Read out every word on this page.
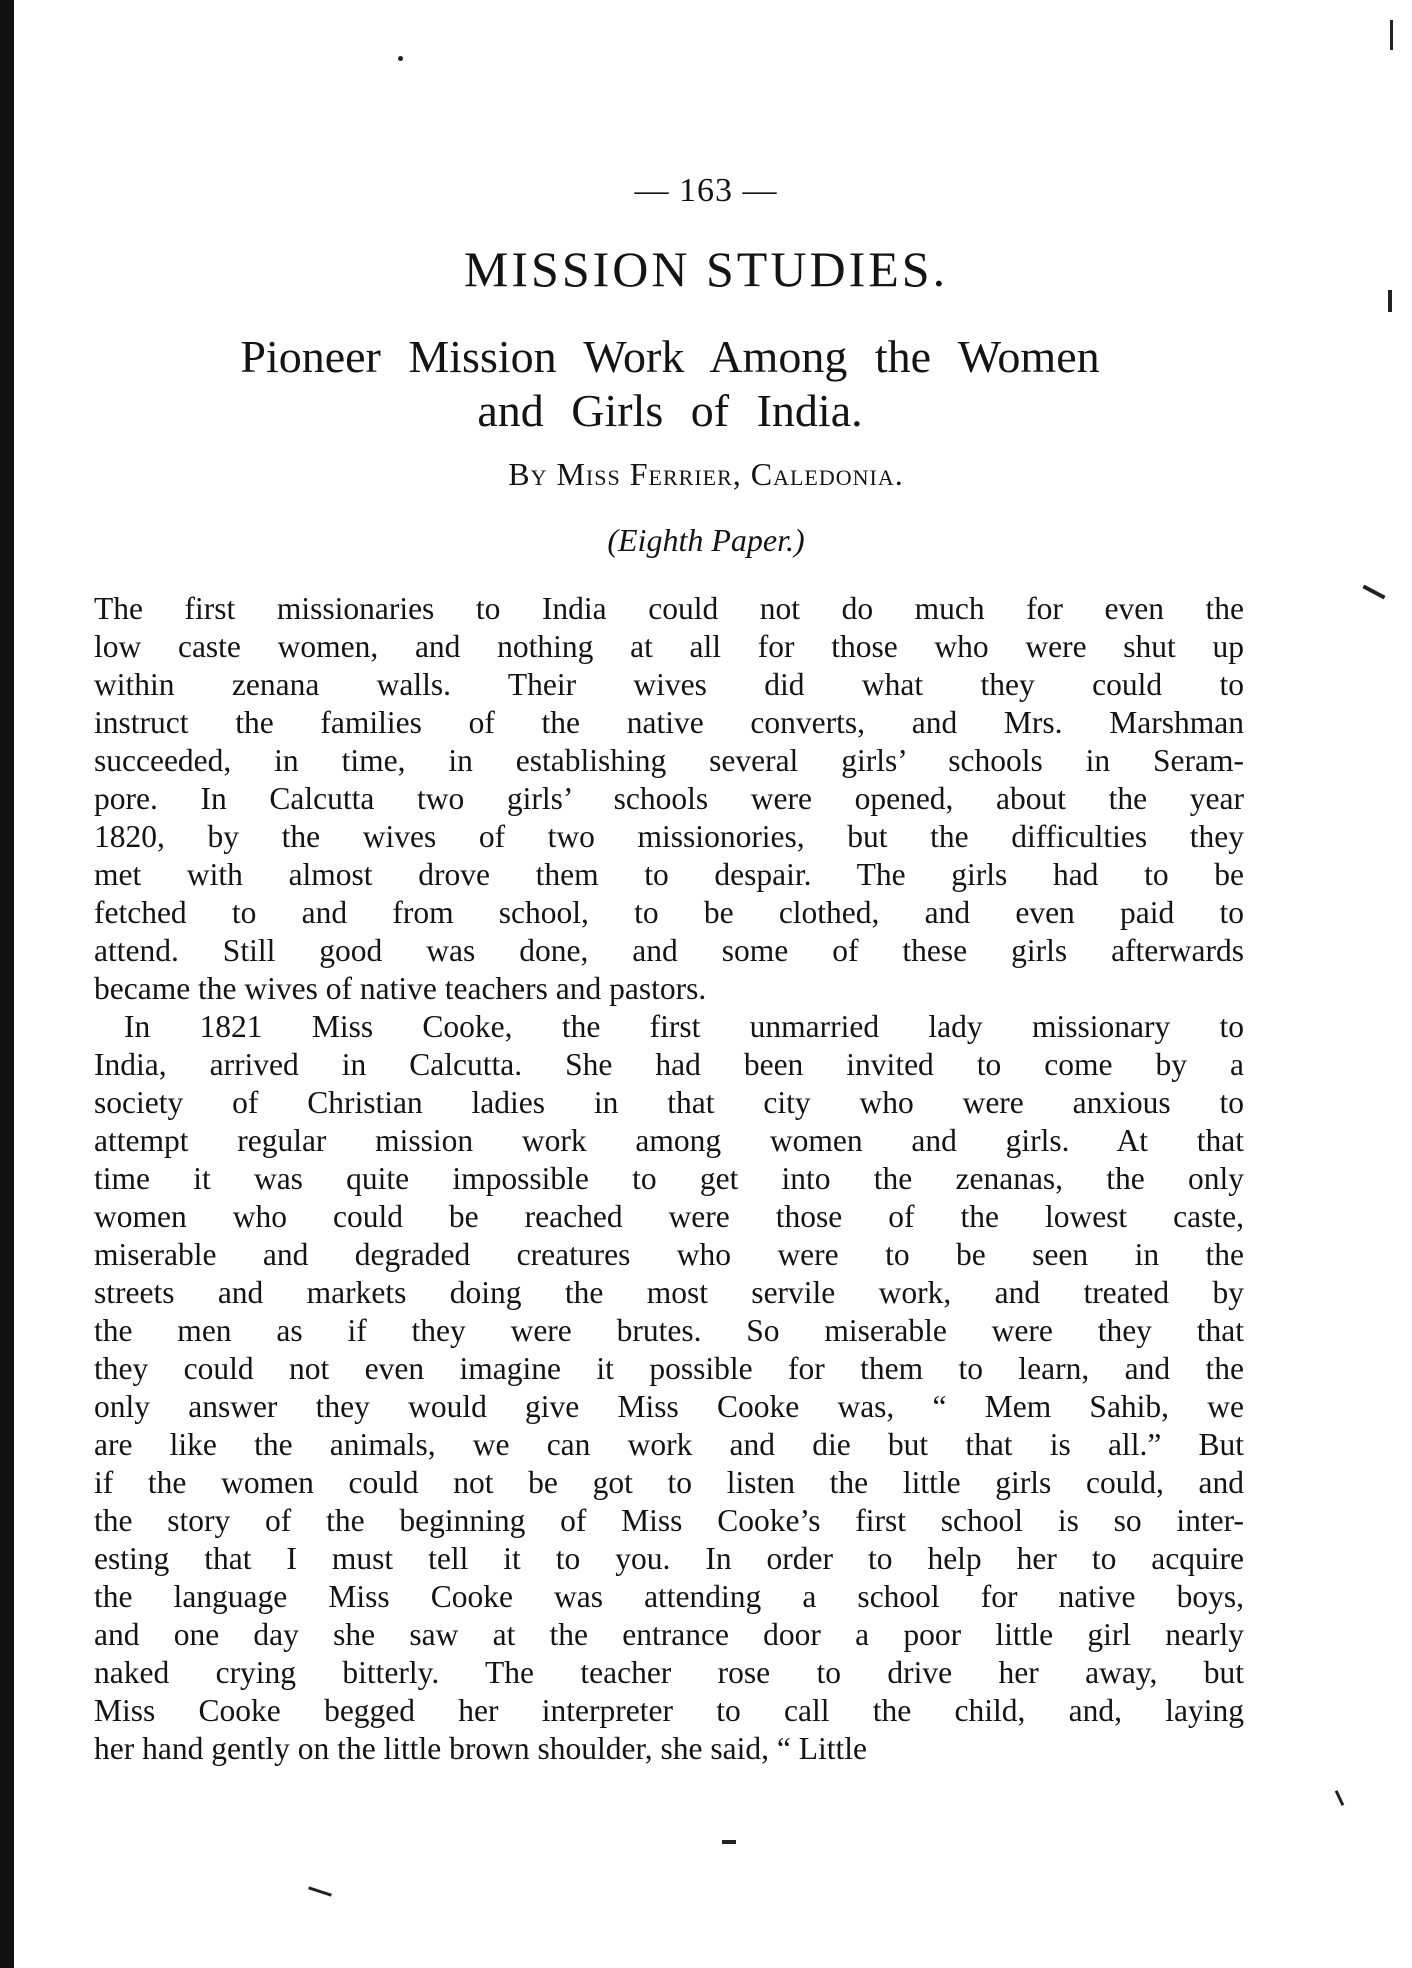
— 163 —
MISSION STUDIES.
Pioneer Mission Work Among the Women
and Girls of India.
By Miss Ferrier, Caledonia.
(Eighth Paper.)
The first missionaries to India could not do much for even the
low caste women, and nothing at all for those who were shut up
within zenana walls. Their wives did what they could to
instruct the families of the native converts, and Mrs. Marshman
succeeded, in time, in establishing several girls’ schools in Seram-
pore. In Calcutta two girls’ schools were opened, about the year
1820, by the wives of two missionories, but the difficulties they
met with almost drove them to despair. The girls had to be
fetched to and from school, to be clothed, and even paid to
attend. Still good was done, and some of these girls afterwards
became the wives of native teachers and pastors.
In 1821 Miss Cooke, the first unmarried lady missionary to
India, arrived in Calcutta. She had been invited to come by a
society of Christian ladies in that city who were anxious to
attempt regular mission work among women and girls. At that
time it was quite impossible to get into the zenanas, the only
women who could be reached were those of the lowest caste,
miserable and degraded creatures who were to be seen in the
streets and markets doing the most servile work, and treated by
the men as if they were brutes. So miserable were they that
they could not even imagine it possible for them to learn, and the
only answer they would give Miss Cooke was, “ Mem Sahib, we
are like the animals, we can work and die but that is all.” But
if the women could not be got to listen the little girls could, and
the story of the beginning of Miss Cooke’s first school is so inter-
esting that I must tell it to you. In order to help her to acquire
the language Miss Cooke was attending a school for native boys,
and one day she saw at the entrance door a poor little girl nearly
naked crying bitterly. The teacher rose to drive her away, but
Miss Cooke begged her interpreter to call the child, and, laying
her hand gently on the little brown shoulder, she said, “ Little
